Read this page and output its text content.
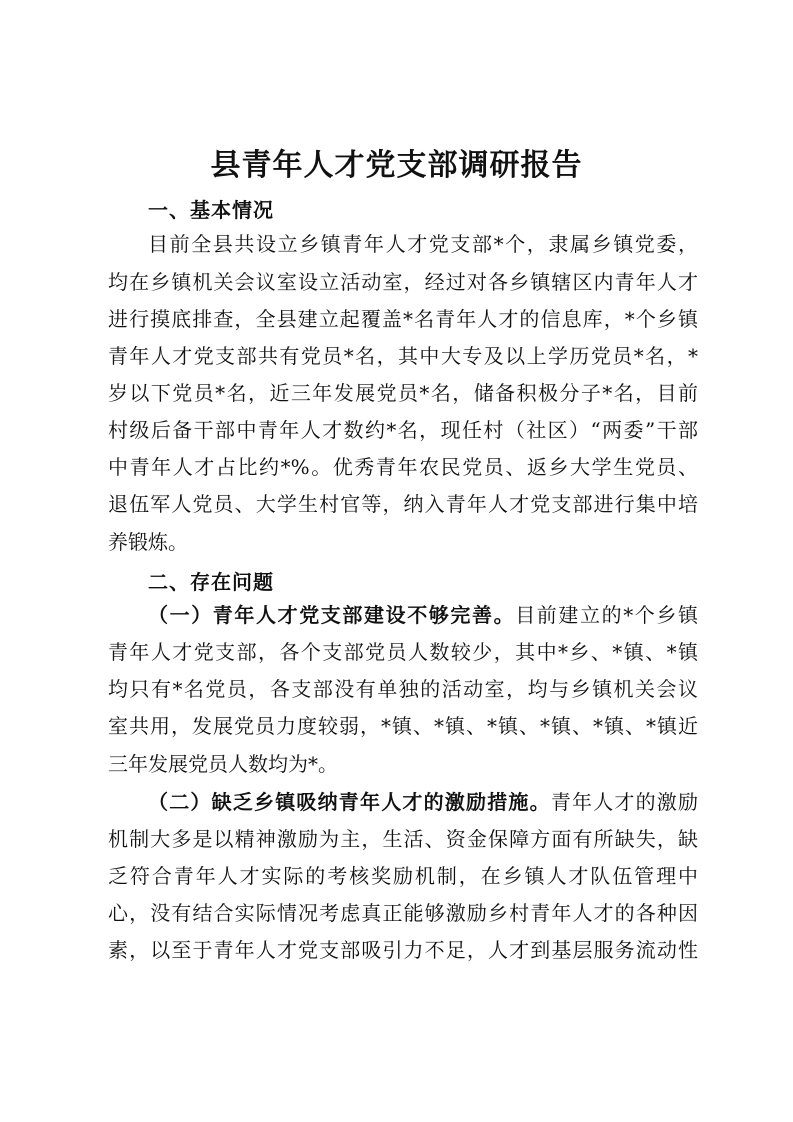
县青年人才党支部调研报告
一、基本情况
目前全县共设立乡镇青年人才党支部*个，隶属乡镇党委，
均在乡镇机关会议室设立活动室，经过对各乡镇辖区内青年人才
进行摸底排查，全县建立起覆盖*名青年人才的信息库，*个乡镇
青年人才党支部共有党员*名，其中大专及以上学历党员*名，*
岁以下党员*名，近三年发展党员*名，储备积极分子*名，目前
村级后备干部中青年人才数约*名，现任村（社区）“两委”干部
中青年人才占比约*%。优秀青年农民党员、返乡大学生党员、
退伍军人党员、大学生村官等，纳入青年人才党支部进行集中培
养锻炼。
二、存在问题
（一）青年人才党支部建设不够完善。目前建立的*个乡镇
青年人才党支部，各个支部党员人数较少，其中*乡、*镇、*镇
均只有*名党员，各支部没有单独的活动室，均与乡镇机关会议
室共用，发展党员力度较弱，*镇、*镇、*镇、*镇、*镇、*镇近
三年发展党员人数均为*。
（二）缺乏乡镇吸纳青年人才的激励措施。青年人才的激励
机制大多是以精神激励为主，生活、资金保障方面有所缺失，缺
乏符合青年人才实际的考核奖励机制，在乡镇人才队伍管理中
心，没有结合实际情况考虑真正能够激励乡村青年人才的各种因
素，以至于青年人才党支部吸引力不足，人才到基层服务流动性
